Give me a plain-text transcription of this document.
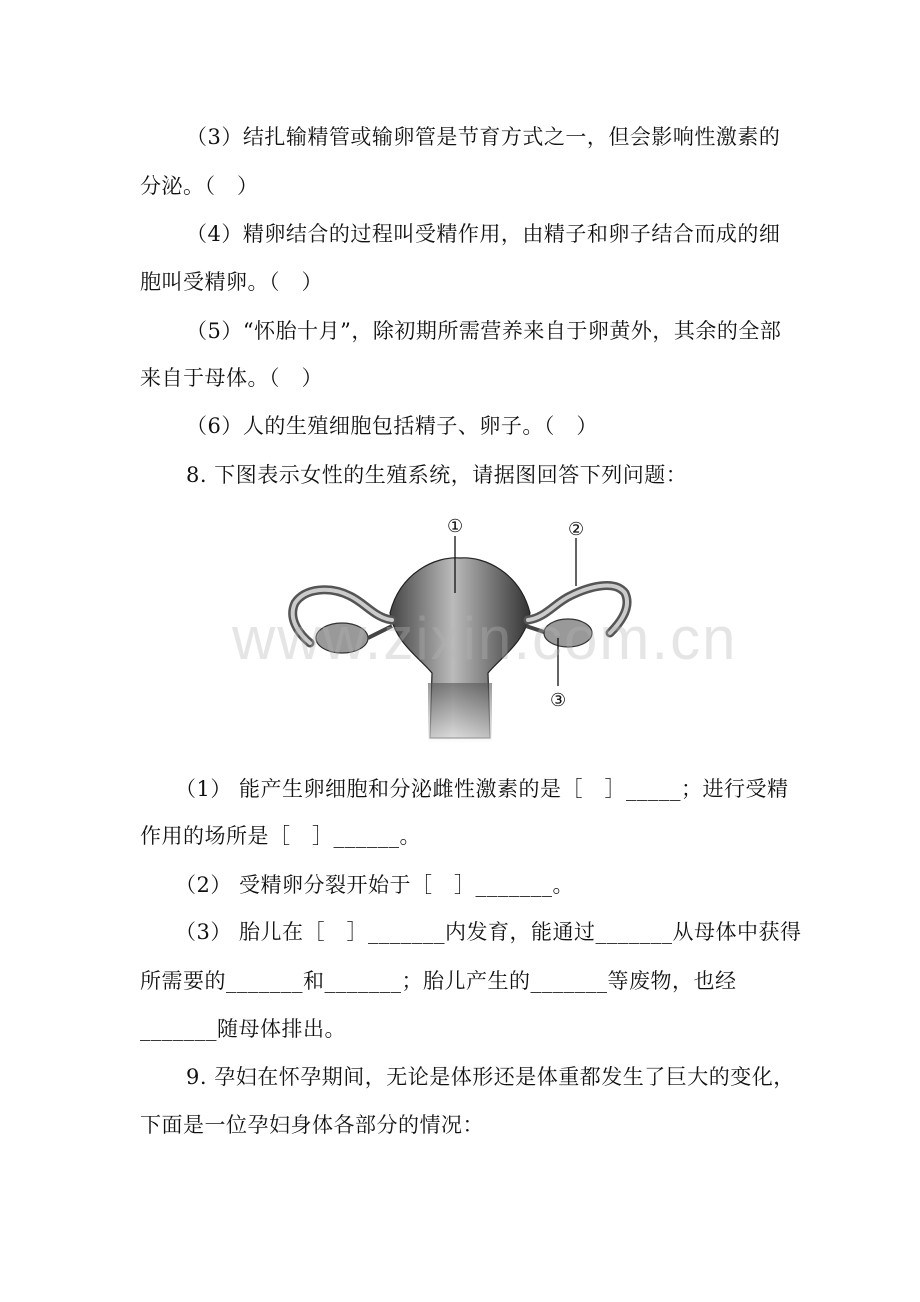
（3）结扎输精管或输卵管是节育方式之一，但会影响性激素的
分泌。（　）
（4）精卵结合的过程叫受精作用，由精子和卵子结合而成的细
胞叫受精卵。（　）
（5）“怀胎十月”，除初期所需营养来自于卵黄外，其余的全部
来自于母体。（　）
（6）人的生殖细胞包括精子、卵子。（　）
8. 下图表示女性的生殖系统，请据图回答下列问题：
①	②
③
www.zixin.com.cn
（1） 能产生卵细胞和分泌雌性激素的是［　］_____；进行受精
作用的场所是［　］______。
（2） 受精卵分裂开始于［　］_______。
（3） 胎儿在［　］_______内发育，能通过_______从母体中获得
所需要的_______和_______；胎儿产生的_______等废物，也经
_______随母体排出。
9. 孕妇在怀孕期间，无论是体形还是体重都发生了巨大的变化，
下面是一位孕妇身体各部分的情况：
